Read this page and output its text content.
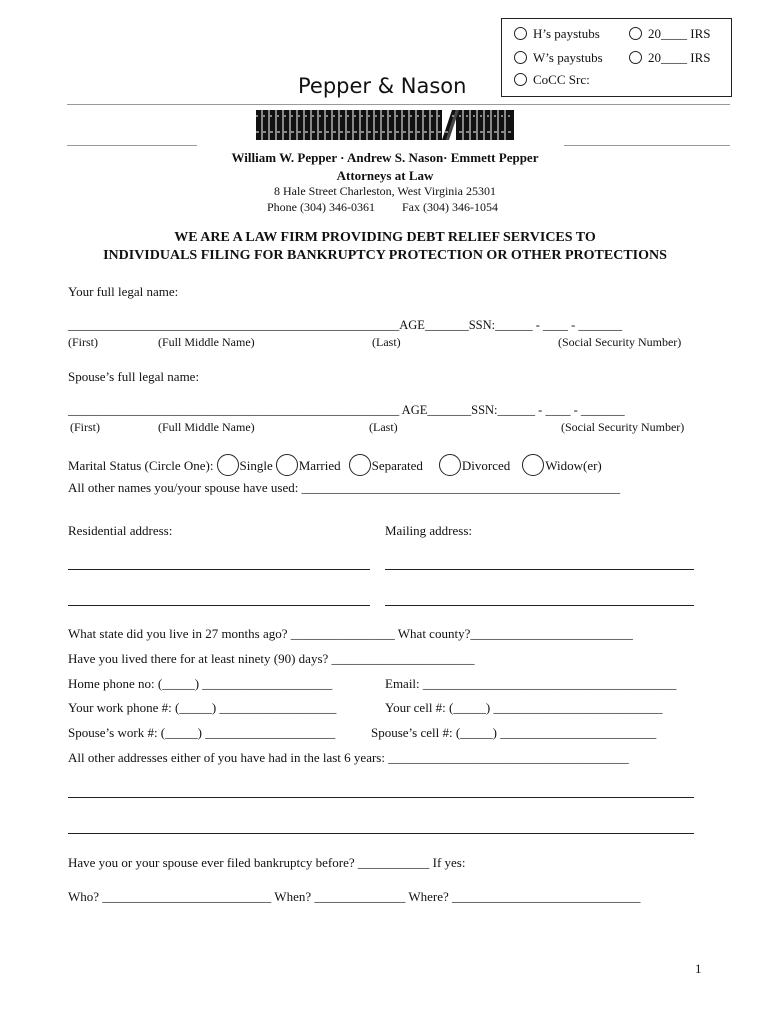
H’s paystubs	20____ IRS
W’s paystubs	20____ IRS
CoCC Src:
Pepper & Nason
William W. Pepper · Andrew S. Nason· Emmett Pepper
Attorneys at Law
8 Hale Street Charleston, West Virginia 25301
Phone (304) 346-0361 Fax (304) 346-1054
WE ARE A LAW FIRM PROVIDING DEBT RELIEF SERVICES TO
INDIVIDUALS FILING FOR BANKRUPTCY PROTECTION OR OTHER PROTECTIONS
Your full legal name:
_____________________________________________________AGE_______SSN:______ - ____ - _______
(First)	(Full Middle Name)	(Last)	(Social Security Number)
Spouse’s full legal name:
_____________________________________________________ AGE_______SSN:______ - ____ - _______
(First)	(Full Middle Name)	(Last)	(Social Security Number)
Marital Status (Circle One): Single Married Separated	Divorced	Widow(er)
All other names you/your spouse have used: _________________________________________________
Residential address:	Mailing address:
What state did you live in 27 months ago? ________________ What county?_________________________
Have you lived there for at least ninety (90) days? ______________________
Home phone no: (_____) ____________________	Email: _______________________________________
Your work phone #: (_____) __________________	Your cell #: (_____) __________________________
Spouse’s work #: (_____) ____________________	Spouse’s cell #: (_____) ________________________
All other addresses either of you have had in the last 6 years: _____________________________________
Have you or your spouse ever filed bankruptcy before? ___________ If yes:
Who? __________________________ When? ______________ Where? _____________________________
1
